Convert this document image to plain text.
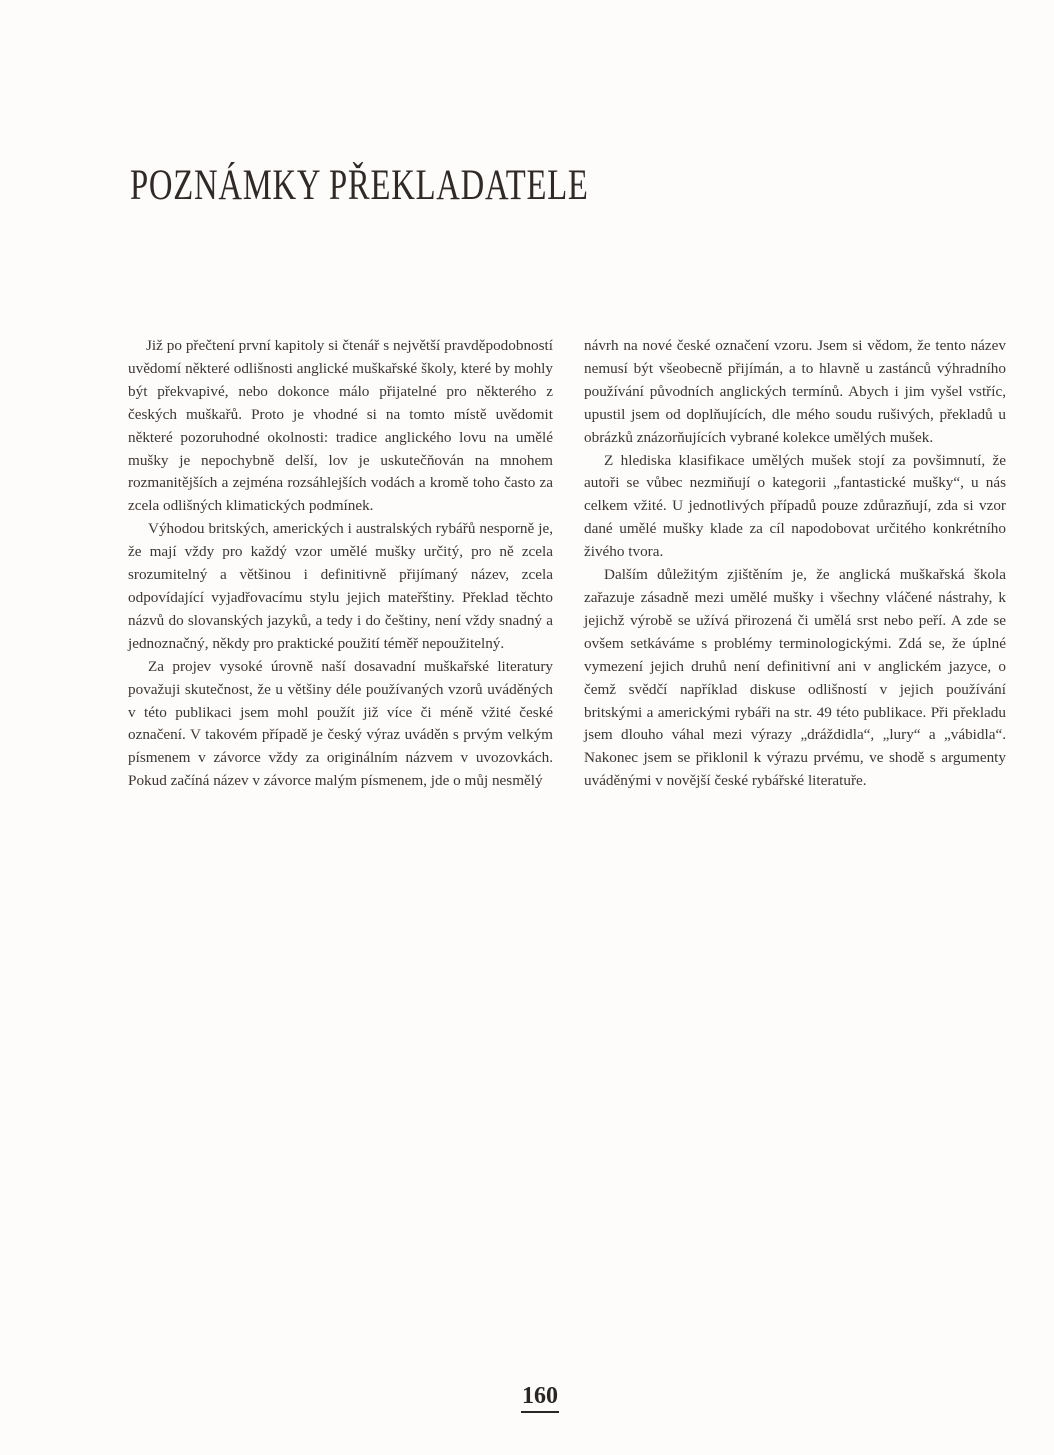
POZNÁMKY PŘEKLADATELE

Již po přečtení první kapitoly si čtenář s největší pravděpodobností uvědomí některé odlišnosti anglické muškařské školy, které by mohly být překvapivé, nebo dokonce málo přijatelné pro některého z českých muškařů. Proto je vhodné si na tomto místě uvědomit některé pozoruhodné okolnosti: tradice anglického lovu na umělé mušky je nepochybně delší, lov je uskutečňován na mnohem rozmanitějších a zejména rozsáhlejších vodách a kromě toho často za zcela odlišných klimatických podmínek.

Výhodou britských, amerických i australských rybářů nesporně je, že mají vždy pro každý vzor umělé mušky určitý, pro ně zcela srozumitelný a většinou i definitivně přijímaný název, zcela odpovídající vyjadřovacímu stylu jejich mateřštiny. Překlad těchto názvů do slovanských jazyků, a tedy i do češtiny, není vždy snadný a jednoznačný, někdy pro praktické použití téměř nepoužitelný.

Za projev vysoké úrovně naší dosavadní muškařské literatury považuji skutečnost, že u většiny déle používaných vzorů uváděných v této publikaci jsem mohl použít již více či méně vžité české označení. V takovém případě je český výraz uváděn s prvým velkým písmenem v závorce vždy za originálním názvem v uvozovkách. Pokud začíná název v závorce malým písmenem, jde o můj nesmělý

návrh na nové české označení vzoru. Jsem si vědom, že tento název nemusí být všeobecně přijímán, a to hlavně u zastánců výhradního používání původních anglických termínů. Abych i jim vyšel vstříc, upustil jsem od doplňujících, dle mého soudu rušivých, překladů u obrázků znázorňujících vybrané kolekce umělých mušek.

Z hlediska klasifikace umělých mušek stojí za povšimnutí, že autoři se vůbec nezmiňují o kategorii „fantastické mušky“, u nás celkem vžité. U jednotlivých případů pouze zdůrazňují, zda si vzor dané umělé mušky klade za cíl napodobovat určitého konkrétního živého tvora.

Dalším důležitým zjištěním je, že anglická muškařská škola zařazuje zásadně mezi umělé mušky i všechny vláčené nástrahy, k jejichž výrobě se užívá přirozená či umělá srst nebo peří. A zde se ovšem setkáváme s problémy terminologickými. Zdá se, že úplné vymezení jejich druhů není definitivní ani v anglickém jazyce, o čemž svědčí například diskuse odlišností v jejich používání britskými a americkými rybáři na str. 49 této publikace. Při překladu jsem dlouho váhal mezi výrazy „dráždidla“, „lury“ a „vábidla“. Nakonec jsem se přiklonil k výrazu prvému, ve shodě s argumenty uváděnými v novější české rybářské literatuře.

160
